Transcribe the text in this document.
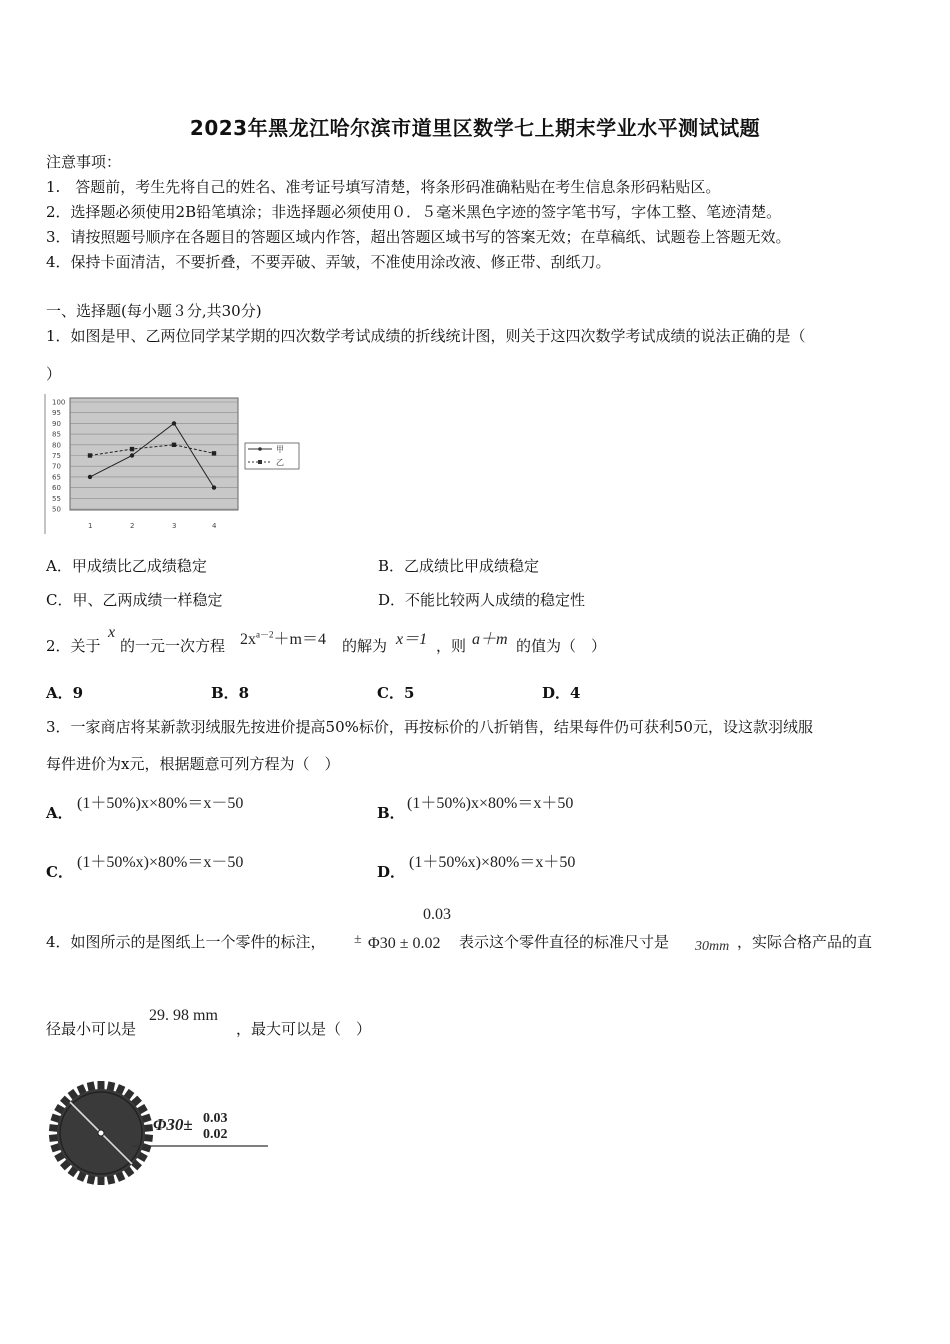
2023年黑龙江哈尔滨市道里区数学七上期末学业水平测试试题
注意事项：
1.　答题前，考生先将自己的姓名、准考证号填写清楚，将条形码准确粘贴在考生信息条形码粘贴区。
2．选择题必须使用2B铅笔填涂；非选择题必须使用０．５毫米黑色字迹的签字笔书写，字体工整、笔迹清楚。
3．请按照题号顺序在各题目的答题区域内作答，超出答题区域书写的答案无效；在草稿纸、试题卷上答题无效。
4．保持卡面清洁，不要折叠，不要弄破、弄皱，不准使用涂改液、修正带、刮纸刀。
一、选择题(每小题３分,共30分)
1．如图是甲、乙两位同学某学期的四次数学考试成绩的折线统计图，则关于这四次数学考试成绩的说法正确的是（
）
100
95
90
85
80
75
70
65
60
55
50
1	2	3	4
甲
乙
A．甲成绩比乙成绩稳定	B．乙成绩比甲成绩稳定
C．甲、乙两成绩一样稳定	D．不能比较两人成绩的稳定性
2．关于
x
的一元一次方程 $2x^{a-2}+m=4$ 的解为 x＝1 ，则 a＋m 的值为（　）
A．9	B．8	C．5	D．4
3．一家商店将某新款羽绒服先按进价提高50%标价，再按标价的八折销售，结果每件仍可获利50元，设这款羽绒服
每件进价为x元，根据题意可列方程为（　）
A．
(1＋50%)x×80%＝x－50
B．
(1＋50%)x×80%＝x＋50
C．
(1＋50%x)×80%＝x－50
D．
(1＋50%x)×80%＝x＋50
0.03
4．如图所示的是图纸上一个零件的标注， ± Φ30 ± 0.02 表示这个零件直径的标准尺寸是 30mm ，实际合格产品的直
径最小可以是
29. 98 mm
，最大可以是（　）
Φ30± 0.03
0.02
